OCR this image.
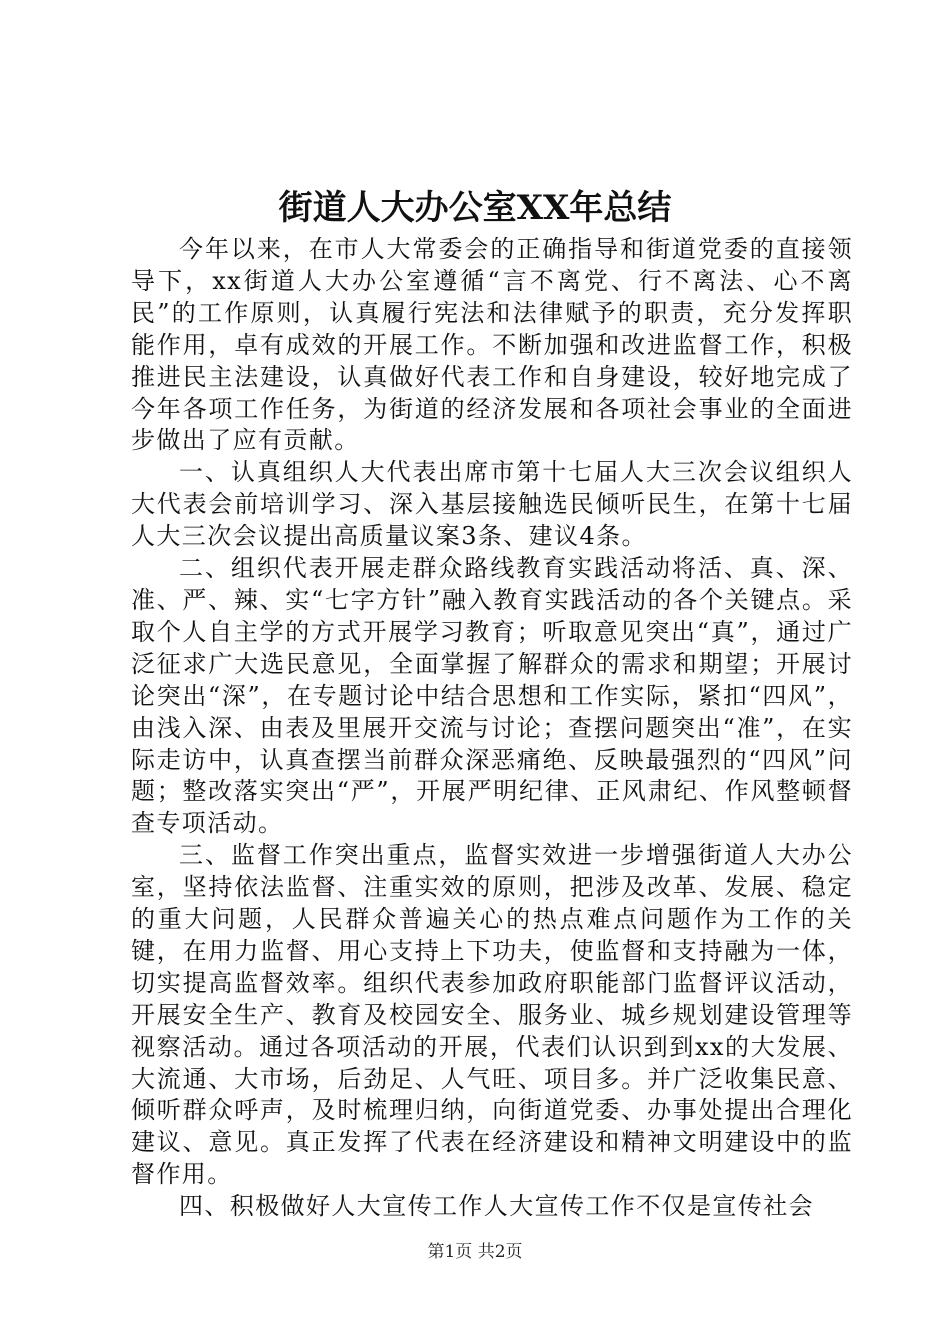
街道人大办公室XX年总结

今年以来，在市人大常委会的正确指导和街道党委的直接领导下，xx街道人大办公室遵循“言不离党、行不离法、心不离民”的工作原则，认真履行宪法和法律赋予的职责，充分发挥职能作用，卓有成效的开展工作。不断加强和改进监督工作，积极推进民主法建设，认真做好代表工作和自身建设，较好地完成了今年各项工作任务，为街道的经济发展和各项社会事业的全面进步做出了应有贡献。

一、认真组织人大代表出席市第十七届人大三次会议组织人大代表会前培训学习、深入基层接触选民倾听民生，在第十七届人大三次会议提出高质量议案3条、建议4条。

二、组织代表开展走群众路线教育实践活动将活、真、深、准、严、辣、实“七字方针”融入教育实践活动的各个关键点。采取个人自主学的方式开展学习教育；听取意见突出“真”，通过广泛征求广大选民意见，全面掌握了解群众的需求和期望；开展讨论突出“深”，在专题讨论中结合思想和工作实际，紧扣“四风”，由浅入深、由表及里展开交流与讨论；查摆问题突出“准”，在实际走访中，认真查摆当前群众深恶痛绝、反映最强烈的“四风”问题；整改落实突出“严”，开展严明纪律、正风肃纪、作风整顿督查专项活动。

三、监督工作突出重点，监督实效进一步增强街道人大办公室，坚持依法监督、注重实效的原则，把涉及改革、发展、稳定的重大问题，人民群众普遍关心的热点难点问题作为工作的关键，在用力监督、用心支持上下功夫，使监督和支持融为一体，切实提高监督效率。组织代表参加政府职能部门监督评议活动，开展安全生产、教育及校园安全、服务业、城乡规划建设管理等视察活动。通过各项活动的开展，代表们认识到到xx的大发展、大流通、大市场，后劲足、人气旺、项目多。并广泛收集民意、倾听群众呼声，及时梳理归纳，向街道党委、办事处提出合理化建议、意见。真正发挥了代表在经济建设和精神文明建设中的监督作用。

四、积极做好人大宣传工作人大宣传工作不仅是宣传社会

第1页 共2页
